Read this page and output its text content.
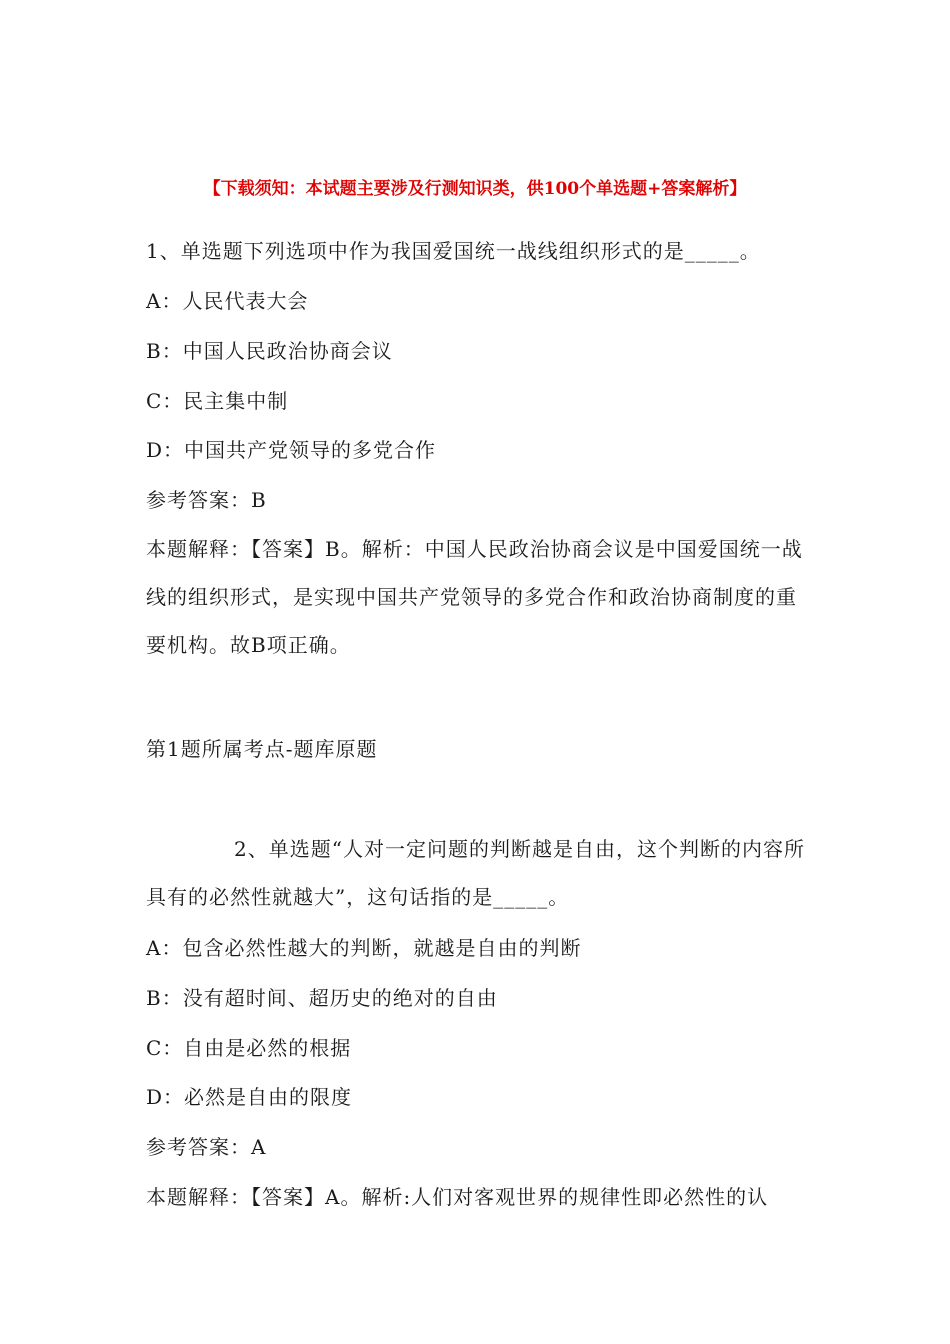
【下载须知：本试题主要涉及行测知识类，供100个单选题+答案解析】
1、单选题下列选项中作为我国爱国统一战线组织形式的是_____。
A：人民代表大会
B：中国人民政治协商会议
C：民主集中制
D：中国共产党领导的多党合作
参考答案：B
本题解释：【答案】B。解析：中国人民政治协商会议是中国爱国统一战线的组织形式，是实现中国共产党领导的多党合作和政治协商制度的重要机构。故B项正确。
第1题所属考点-题库原题
2、单选题“人对一定问题的判断越是自由，这个判断的内容所具有的必然性就越大”，这句话指的是_____。
A：包含必然性越大的判断，就越是自由的判断
B：没有超时间、超历史的绝对的自由
C：自由是必然的根据
D：必然是自由的限度
参考答案：A
本题解释：【答案】A。解析:人们对客观世界的规律性即必然性的认
